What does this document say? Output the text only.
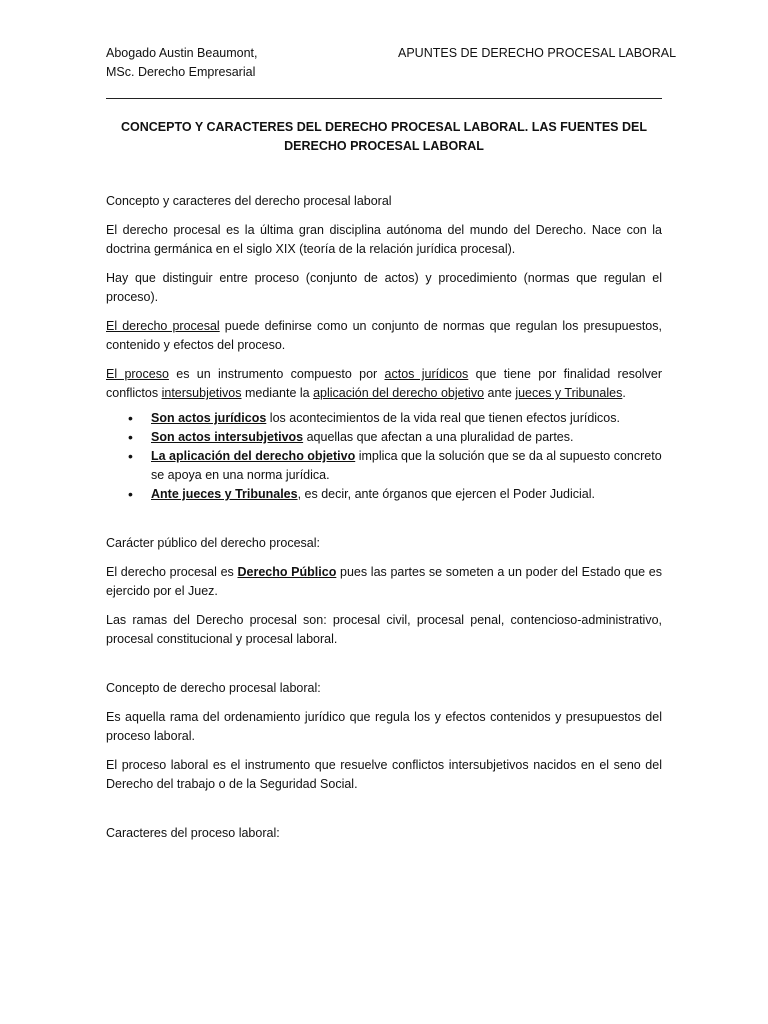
Abogado Austin Beaumont,
MSc. Derecho Empresarial
APUNTES DE DERECHO PROCESAL LABORAL
CONCEPTO Y CARACTERES DEL DERECHO PROCESAL LABORAL. LAS FUENTES DEL DERECHO PROCESAL LABORAL

Concepto y caracteres del derecho procesal laboral

El derecho procesal es la última gran disciplina autónoma del mundo del Derecho. Nace con la doctrina germánica en el siglo XIX (teoría de la relación jurídica procesal).

Hay que distinguir entre proceso (conjunto de actos) y procedimiento (normas que regulan el proceso).

El derecho procesal puede definirse como un conjunto de normas que regulan los presupuestos, contenido y efectos del proceso.

El proceso es un instrumento compuesto por actos jurídicos que tiene por finalidad resolver conflictos intersubjetivos mediante la aplicación del derecho objetivo ante jueces y Tribunales.

• Son actos jurídicos los acontecimientos de la vida real que tienen efectos jurídicos.
• Son actos intersubjetivos aquellas que afectan a una pluralidad de partes.
• La aplicación del derecho objetivo implica que la solución que se da al supuesto concreto se apoya en una norma jurídica.
• Ante jueces y Tribunales, es decir, ante órganos que ejercen el Poder Judicial.

Carácter público del derecho procesal:

El derecho procesal es Derecho Público pues las partes se someten a un poder del Estado que es ejercido por el Juez.

Las ramas del Derecho procesal son: procesal civil, procesal penal, contencioso-administrativo, procesal constitucional y procesal laboral.

Concepto de derecho procesal laboral:

Es aquella rama del ordenamiento jurídico que regula los y efectos contenidos y presupuestos del proceso laboral.

El proceso laboral es el instrumento que resuelve conflictos intersubjetivos nacidos en el seno del Derecho del trabajo o de la Seguridad Social.

Caracteres del proceso laboral:
